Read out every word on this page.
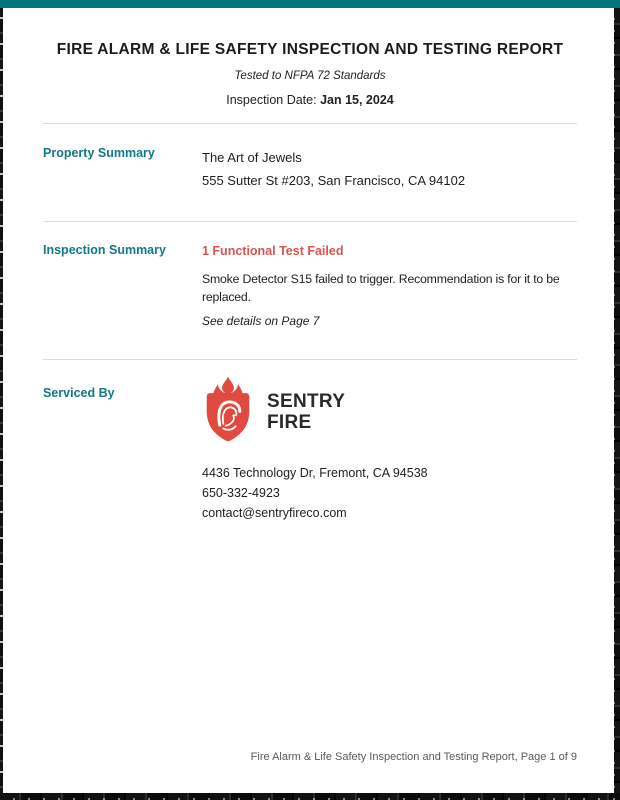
FIRE ALARM & LIFE SAFETY INSPECTION AND TESTING REPORT
Tested to NFPA 72 Standards
Inspection Date: Jan 15, 2024
Property Summary	The Art of Jewels
555 Sutter St #203, San Francisco, CA 94102
Inspection Summary	1 Functional Test Failed

Smoke Detector S15 failed to trigger. Recommendation is for it to be replaced.

See details on Page 7
Serviced By	SENTRY
FIRE
4436 Technology Dr, Fremont, CA 94538
650-332-4923
contact@sentryfireco.com
Fire Alarm & Life Safety Inspection and Testing Report, Page 1 of 9
